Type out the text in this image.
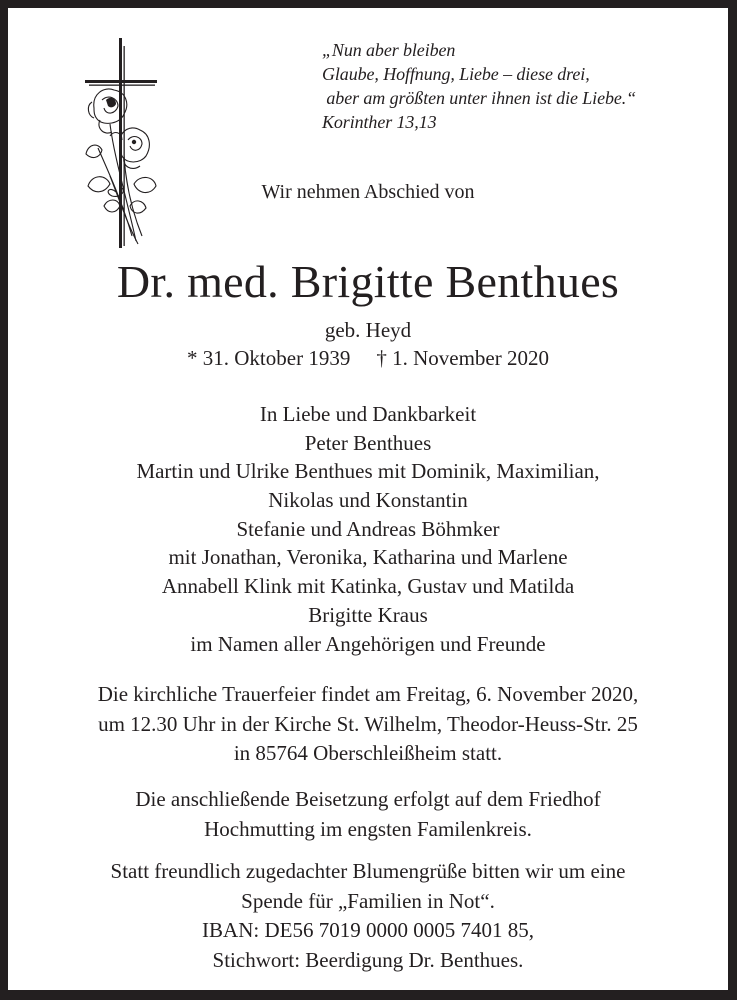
„Nun aber bleiben
Glaube, Hoffnung, Liebe – diese drei,
aber am größten unter ihnen ist die Liebe.“
Korinther 13,13
Wir nehmen Abschied von
Dr. med. Brigitte Benthues
geb. Heyd
* 31. Oktober 1939 † 1. November 2020
In Liebe und Dankbarkeit
Peter Benthues
Martin und Ulrike Benthues mit Dominik, Maximilian,
Nikolas und Konstantin
Stefanie und Andreas Böhmker
mit Jonathan, Veronika, Katharina und Marlene
Annabell Klink mit Katinka, Gustav und Matilda
Brigitte Kraus
im Namen aller Angehörigen und Freunde
Die kirchliche Trauerfeier findet am Freitag, 6. November 2020,
um 12.30 Uhr in der Kirche St. Wilhelm, Theodor-Heuss-Str. 25
in 85764 Oberschleißheim statt.
Die anschließende Beisetzung erfolgt auf dem Friedhof
Hochmutting im engsten Familenkreis.
Statt freundlich zugedachter Blumengrüße bitten wir um eine
Spende für „Familien in Not“.
IBAN: DE56 7019 0000 0005 7401 85,
Stichwort: Beerdigung Dr. Benthues.
